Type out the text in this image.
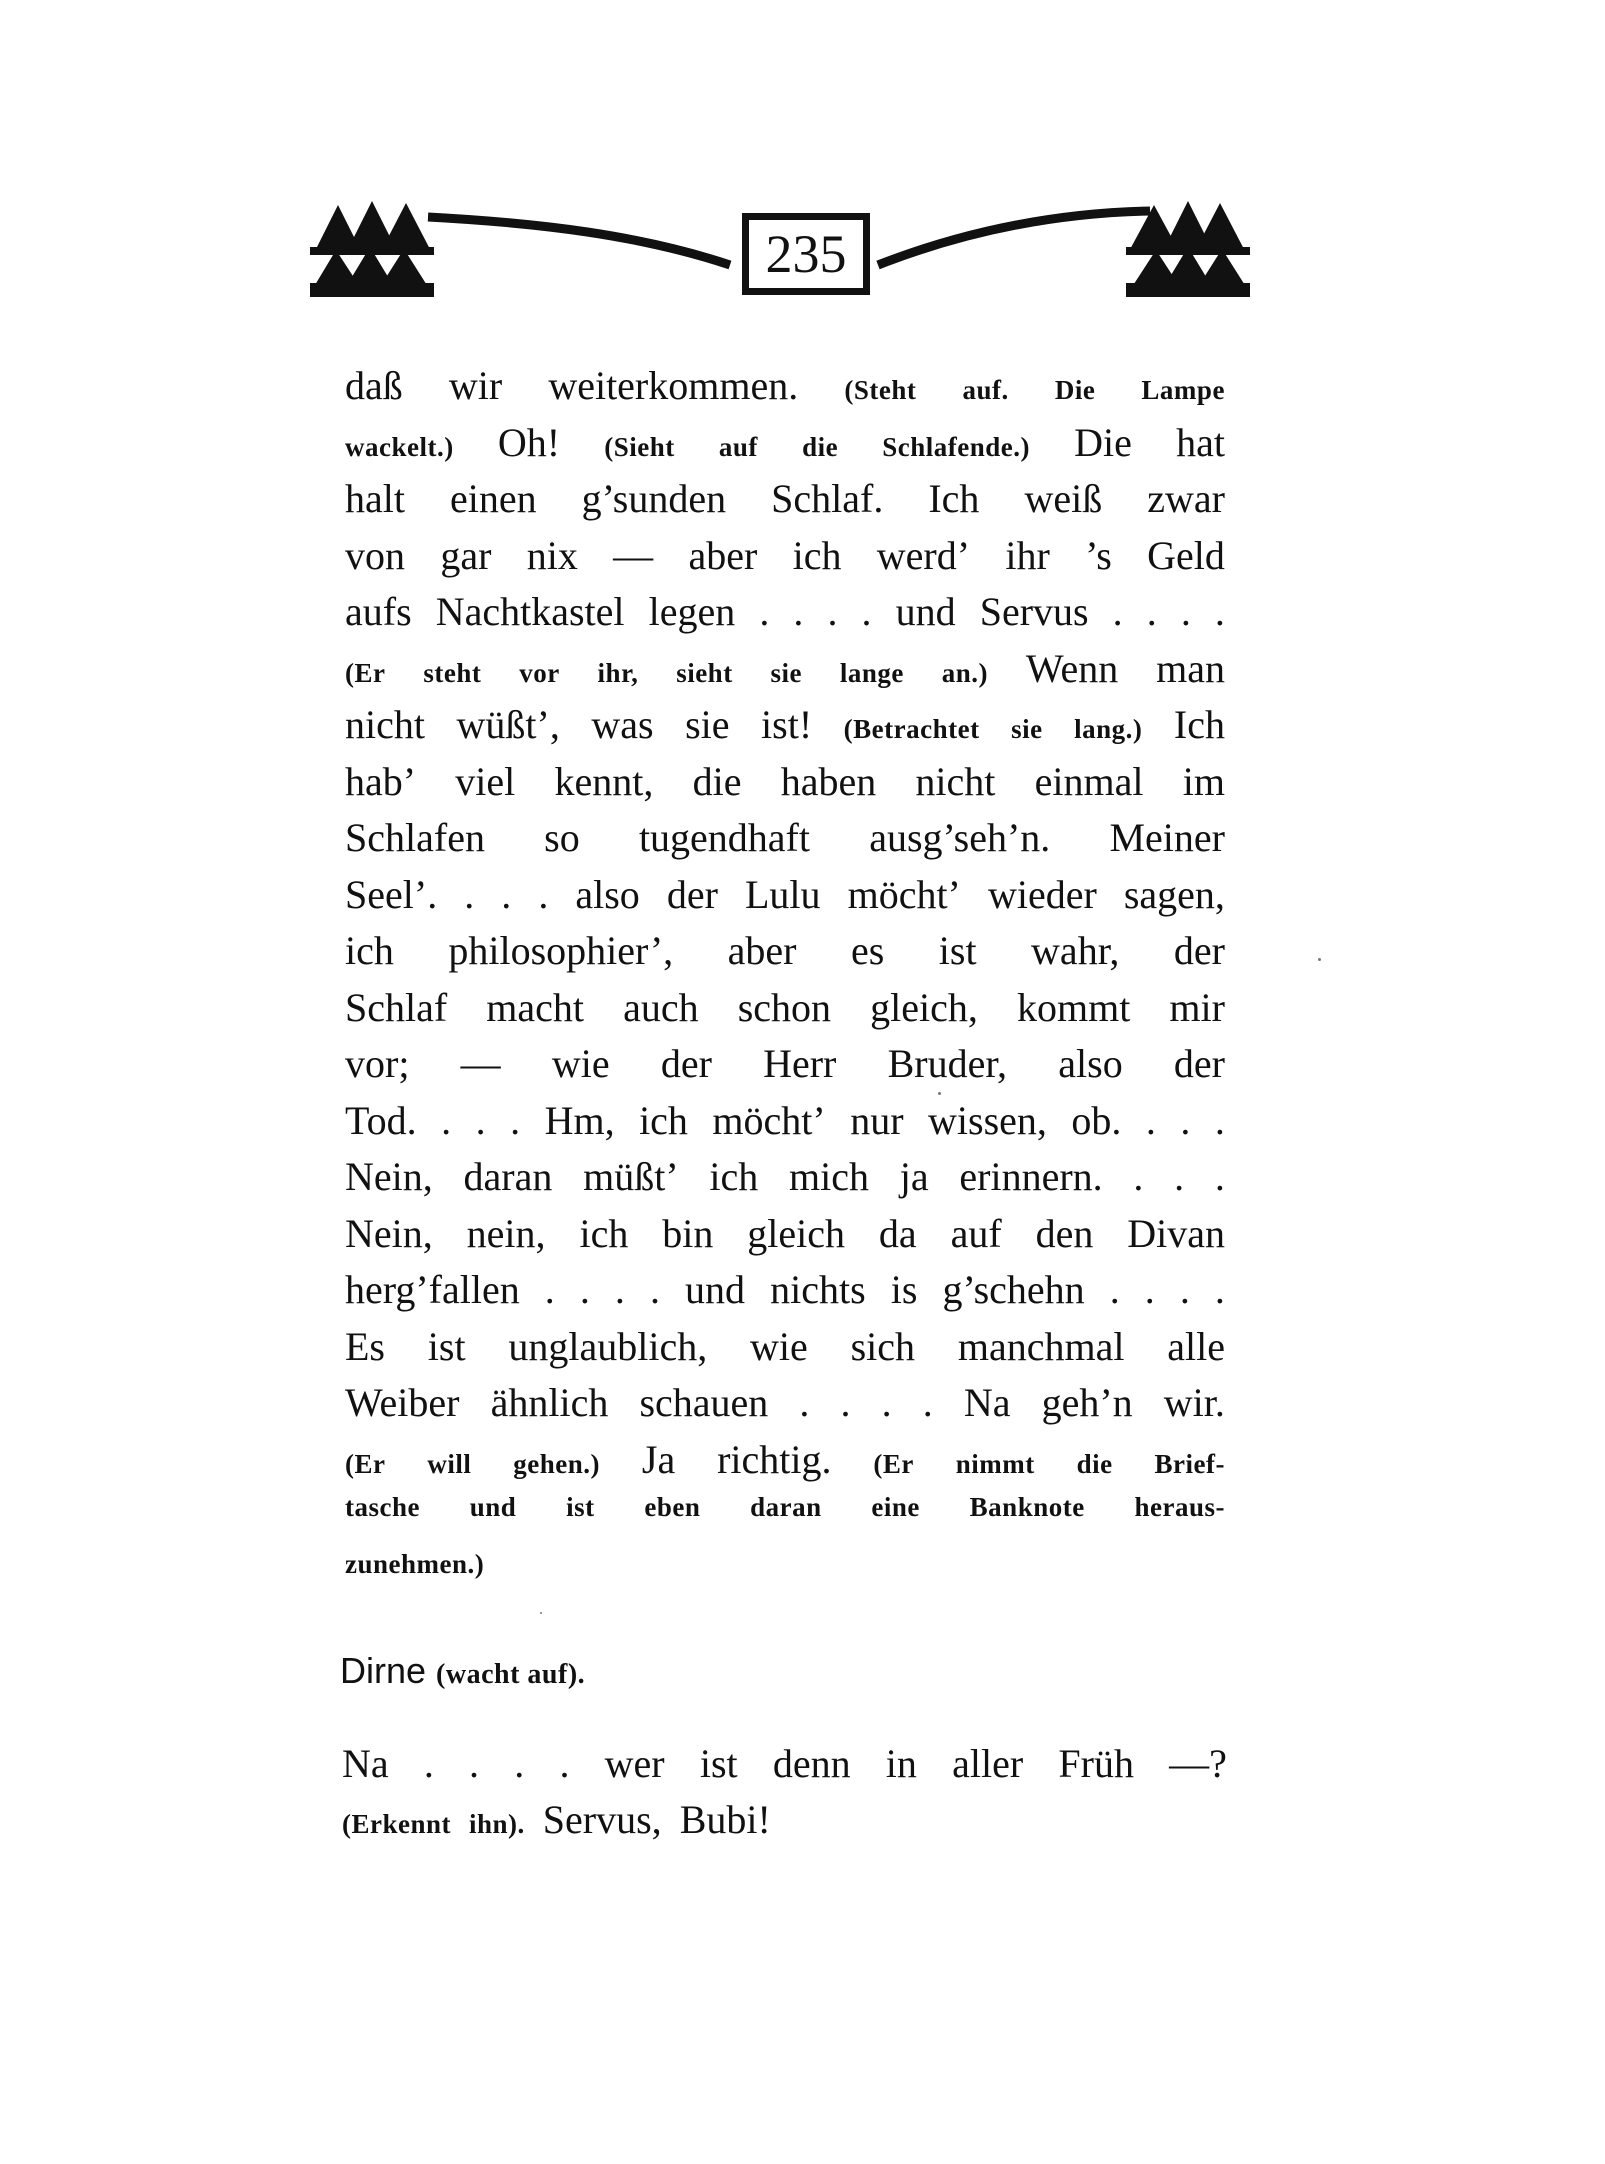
235
daß wir weiterkommen. (Steht auf. Die Lampe
wackelt.) Oh! (Sieht auf die Schlafende.) Die hat
halt einen g’sunden Schlaf. Ich weiß zwar
von gar nix — aber ich werd’ ihr ’s Geld
aufs Nachtkastel legen . . . . und Servus . . . .
(Er steht vor ihr, sieht sie lange an.) Wenn man
nicht wüßt’, was sie ist! (Betrachtet sie lang.) Ich
hab’ viel kennt, die haben nicht einmal im
Schlafen so tugendhaft ausg’seh’n. Meiner
Seel’. . . . also der Lulu möcht’ wieder sagen,
ich philosophier’, aber es ist wahr, der
Schlaf macht auch schon gleich, kommt mir
vor; — wie der Herr Bruder, also der
Tod. . . . Hm, ich möcht’ nur wissen, ob. . . .
Nein, daran müßt’ ich mich ja erinnern. . . .
Nein, nein, ich bin gleich da auf den Divan
herg’fallen . . . . und nichts is g’schehn . . . .
Es ist unglaublich, wie sich manchmal alle
Weiber ähnlich schauen . . . . Na geh’n wir.
(Er will gehen.) Ja richtig. (Er nimmt die Brief-
tasche und ist eben daran eine Banknote heraus-
zunehmen.)
Dirne (wacht auf).
Na . . . . wer ist denn in aller Früh —?
(Erkennt ihn). Servus, Bubi!
